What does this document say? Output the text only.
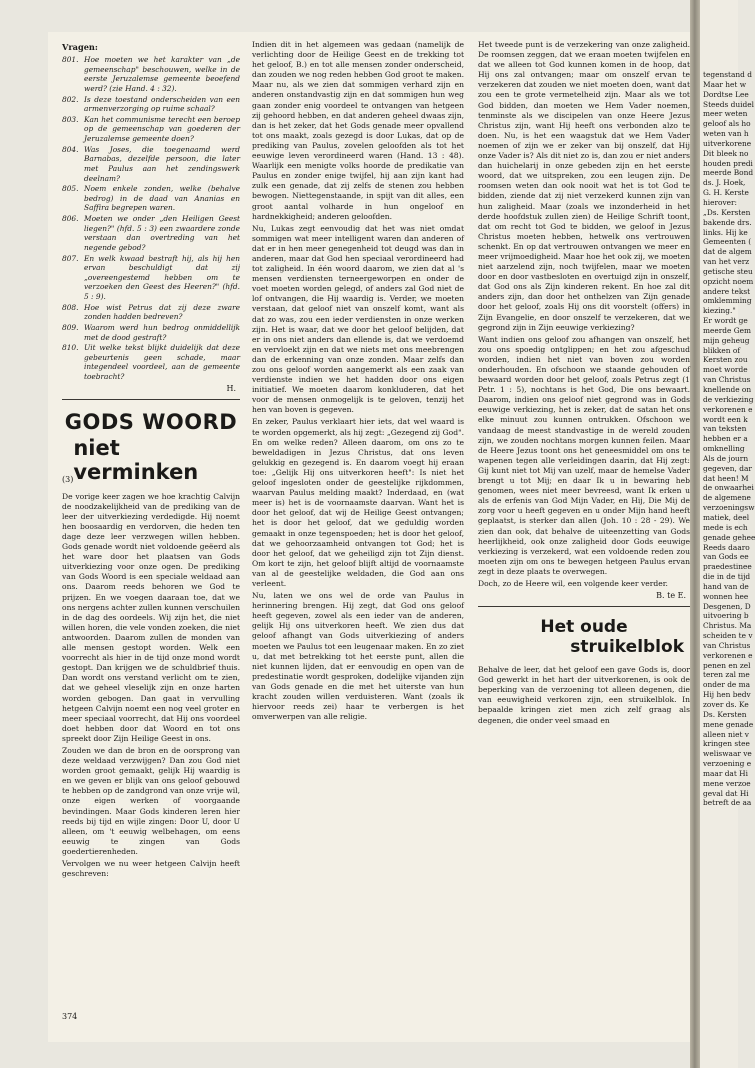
Vragen:
801. Hoe moeten we het karakter van „de gemeenschap" beschouwen, welke in de eerste Jeruzalemse gemeente beoefend werd? (zie Hand. 4 : 32).
802. Is deze toestand onderscheiden van een armenverzorging op ruime schaal?
803. Kan het communisme terecht een beroep op de gemeenschap van goederen der Jeruzalemse gemeente doen?
804. Was Joses, die toegenaamd werd Barnabas, dezelfde persoon, die later met Paulus aan het zendingswerk deelnam?
805. Noem enkele zonden, welke (behalve bedrog) in de daad van Ananias en Saffira begrepen waren.
806. Moeten we onder „den Heiligen Geest liegen?" (hfd. 5 : 3) een zwaardere zonde verstaan dan overtreding van het negende gebod?
807. En welk kwaad bestraft hij, als hij hen ervan beschuldigt dat zij „overeengestemd hebben om te verzoeken den Geest des Heeren?" (hfd. 5 : 9).
808. Hoe wist Petrus dat zij deze zware zonden hadden bedreven?
809. Waarom werd hun bedrog onmiddellijk met de dood gestraft?
810. Uit welke tekst blijkt duidelijk dat deze gebeurtenis geen schade, maar integendeel voordeel, aan de gemeente toebracht?
H.
GODS WOORD
(3)
niet verminken

De vorige keer zagen we hoe krachtig Calvijn de noodzakelijkheid van de prediking van de leer der uitverkiezing verdedigde. Hij noemt hen boosaardig en verdorven, die heden ten dage deze leer verzwegen willen hebben. Gods genade wordt niet voldoende geëerd als het ware door het plaatsen van Gods uitverkiezing voor onze ogen. De prediking van Gods Woord is een speciale weldaad aan ons. Daarom reeds behoren we God te prijzen. En we voegen daaraan toe, dat we ons nergens achter zullen kunnen verschuilen in de dag des oordeels. Wij zijn het, die niet willen horen, die vele vonden zoeken, die niet antwoorden. Daarom zullen de monden van alle mensen gestopt worden. Welk een voorrecht als hier in de tijd onze mond wordt gestopt. Dan krijgen we de schuldbrief thuis. Dan wordt ons verstand verlicht om te zien, dat we geheel vleselijk zijn en onze harten worden gebogen. Dan gaat in vervulling hetgeen Calvijn noemt een nog veel groter en meer speciaal voorrecht, dat Hij ons voordeel doet hebben door dat Woord en tot ons spreekt door Zijn Heilige Geest in ons.

Zouden we dan de bron en de oorsprong van deze weldaad verzwijgen? Dan zou God niet worden groot gemaakt, gelijk Hij waardig is en we geven er blijk van ons geloof gebouwd te hebben op de zandgrond van onze vrije wil, onze eigen werken of voorgaande bevindingen. Maar Gods kinderen leren hier reeds bij tijd en wijle zingen: Door U, door U alleen, om 't eeuwig welbehagen, om eens eeuwig te zingen van Gods goedertierenheden.

Vervolgen we nu weer hetgeen Calvijn heeft geschreven:

Indien dit in het algemeen was gedaan (namelijk de verlichting door de Heilige Geest en de trekking tot het geloof, B.) en tot alle mensen zonder onderscheid, dan zouden we nog reden hebben God groot te maken. Maar nu, als we zien dat sommigen verhard zijn en anderen onstandvastig zijn en dat sommigen hun weg gaan zonder enig voordeel te ontvangen van hetgeen zij gehoord hebben, en dat anderen geheel dwaas zijn, dan is het zeker, dat het Gods genade meer opvallend tot ons maakt, zoals gezegd is door Lukas, dat op de prediking van Paulus, zovelen geloofden als tot het eeuwige leven verordineerd waren (Hand. 13 : 48). Waarlijk een menigte volks hoorde de predikatie van Paulus en zonder enige twijfel, hij aan zijn kant had zulk een genade, dat zij zelfs de stenen zou hebben bewogen. Niettegenstaande, in spijt van dit alles, een groot aantal volharde in hun ongeloof en hardnekkigheid; anderen geloofden.

Nu, Lukas zegt eenvoudig dat het was niet omdat sommigen wat meer intelligent waren dan anderen of dat er in hen meer genegenheid tot deugd was dan in anderen, maar dat God hen speciaal verordineerd had tot zaligheid. In één woord daarom, we zien dat al 's mensen verdiensten terneergeworpen en onder de voet moeten worden gelegd, of anders zal God niet de lof ontvangen, die Hij waardig is. Verder, we moeten verstaan, dat geloof niet van onszelf komt, want als dat zo was, zou een ieder verdiensten in onze werken zijn. Het is waar, dat we door het geloof belijden, dat er in ons niet anders dan ellende is, dat we verdoemd en vervloekt zijn en dat we niets met ons meebrengen dan de erkenning van onze zonden. Maar zelfs dan zou ons geloof worden aangemerkt als een zaak van verdienste indien we het hadden door ons eigen initiatief. We moeten daarom konkluderen, dat het voor de mensen onmogelijk is te geloven, tenzij het hen van boven is gegeven.

En zeker, Paulus verklaart hier iets, dat wel waard is te worden opgemerkt, als hij zegt: „Gezegend zij God". En om welke reden? Alleen daarom, om ons zo te beweldadigen in Jezus Christus, dat ons leven gelukkig en gezegend is. En daarom voegt hij eraan toe: „Gelijk Hij ons uitverkoren heeft": Is niet het geloof ingesloten onder de geestelijke rijkdommen, waarvan Paulus melding maakt? Inderdaad, en (wat meer is) het is de voornaamste daarvan. Want het is door het geloof, dat wij de Heilige Geest ontvangen; het is door het geloof, dat we geduldig worden gemaakt in onze tegenspoeden; het is door het geloof, dat we gehoorzaamheid ontvangen tot God; het is door het geloof, dat we geheiligd zijn tot Zijn dienst. Om kort te zijn, het geloof blijft altijd de voornaamste van al de geestelijke weldaden, die God aan ons verleent.

Nu, laten we ons wel de orde van Paulus in herinnering brengen. Hij zegt, dat God ons geloof heeft gegeven, zowel als een ieder van de anderen, gelijk Hij ons uitverkoren heeft. We zien dus dat geloof afhangt van Gods uitverkiezing of anders moeten we Paulus tot een leugenaar maken. En zo ziet u, dat met betrekking tot het eerste punt, allen die niet kunnen lijden, dat er eenvoudig en open van de predestinatie wordt gesproken, dodelijke vijanden zijn van Gods genade en die met het uiterste van hun kracht zouden willen verduisteren. Want (zoals ik hiervoor reeds zei) haar te verbergen is het omverwerpen van alle religie.

Het tweede punt is de verzekering van onze zaligheid. De roomsen zeggen, dat we eraan moeten twijfelen en dat we alleen tot God kunnen komen in de hoop, dat Hij ons zal ontvangen; maar om onszelf ervan te verzekeren dat zouden we niet moeten doen, want dat zou een te grote vermetelheid zijn. Maar als we tot God bidden, dan moeten we Hem Vader noemen, tenminste als we discipelen van onze Heere Jezus Christus zijn, want Hij heeft ons verbonden alzo te doen. Nu, is het een waagstuk dat we Hem Vader noemen of zijn we er zeker van bij onszelf, dat Hij onze Vader is? Als dit niet zo is, dan zou er niet anders dan huichelarij in onze gebeden zijn en het eerste woord, dat we uitspreken, zou een leugen zijn. De roomsen weten dan ook nooit wat het is tot God te bidden, ziende dat zij niet verzekerd kunnen zijn van hun zaligheid. Maar (zoals we inzonderheid in het derde hoofdstuk zullen zien) de Heilige Schrift toont, dat om recht tot God te bidden, we geloof in Jezus Christus moeten hebben, hetwelk ons vertrouwen schenkt. En op dat vertrouwen ontvangen we meer en meer vrijmoedigheid. Maar hoe het ook zij, we moeten niet aarzelend zijn, noch twijfelen, maar we moeten door en door vastbesloten en overtuigd zijn in onszelf, dat God ons als Zijn kinderen rekent. En hoe zal dit anders zijn, dan door het onthelzen van Zijn genade door het geloof, zoals Hij ons dit voorstelt (offers) in Zijn Evangelie, en door onszelf te verzekeren, dat we gegrond zijn in Zijn eeuwige verkiezing?

Want indien ons geloof zou afhangen van onszelf, het zou ons spoedig ontglippen; en het zou afgeschud worden, indien het niet van boven zou worden onderhouden. En ofschoon we staande gehouden of bewaard worden door het geloof, zoals Petrus zegt (1 Petr. 1 : 5), nochtans is het God, Die ons bewaart. Daarom, indien ons geloof niet gegrond was in Gods eeuwige verkiezing, het is zeker, dat de satan het ons elke minuut zou kunnen ontrukken. Ofschoon we vandaag de meest standvastige in de wereld zouden zijn, we zouden nochtans morgen kunnen feilen. Maar de Heere Jezus toont ons het geneesmiddel om ons te wapenen tegen alle verleidingen daarin, dat Hij zegt: Gij kunt niet tot Mij van uzelf, maar de hemelse Vader brengt u tot Mij; en daar Ik u in bewaring heb genomen, wees niet meer bevreesd, want Ik erken u als de erfenis van God Mijn Vader, en Hij, Die Mij de zorg voor u heeft gegeven en u onder Mijn hand heeft geplaatst, is sterker dan allen (Joh. 10 : 28 - 29). We zien dan ook, dat behalve de uiteenzetting van Gods heerlijkheid, ook onze zaligheid door Gods eeuwige verkiezing is verzekerd, wat een voldoende reden zou moeten zijn om ons te bewegen hetgeen Paulus ervan zegt in deze plaats te overwegen.

Doch, zo de Heere wil, een volgende keer verder.

B. te E.
Het oude
struikelblok

Behalve de leer, dat het geloof een gave Gods is, door God gewerkt in het hart der uitverkorenen, is ook de beperking van de verzoening tot alleen degenen, die van eeuwigheid verkoren zijn, een struikelblok. In bepaalde kringen ziet men zich zelf graag als degenen, die onder veel smaad en

374
tegenstand d
Maar het w
Dordtse Lee
Steeds duidel
meer weten
geloof als ho
weten van h
uitverkorene
Dit bleek no
houden predi
meerde Bond
ds. J. Hoek,
G. H. Kerste
hierover:
„Ds. Kersten
bakende drs.
links. Hij ke
Gemeenten (
dat de algem
van het verz
getische steu
opzicht noem
andere tekst
omklemming
kiezing."
Er wordt ge
meerde Gem
mijn geheug
blikken of
Kersten zou
moet worde
van Christus
knellende on
de verkiezing
verkorenen e
wordt een k
van teksten
hebben er a
omknelling
Als de journ
gegeven, dar
dat heen! M
de onwaarhei
de algemene
verzoeningsw
matiek, deel
mede is ech
genade gehee
Reeds daaro
van Gods ee
praedestinee
die in de tijd
hand van de
wonnen hee
Desgenen, D
uitvoering b
Christus. Ma
scheiden te v
van Christus
verkorenen e
penen en zel
teren zal me
onder de ma
Hij hen bedv
zover ds. Ke
Ds. Kersten
mene genade
alleen niet v
kringen stee
weliswaar ve
verzoening e
maar dat Hi
mene verzoe
geval dat Hi
betreft de aa
